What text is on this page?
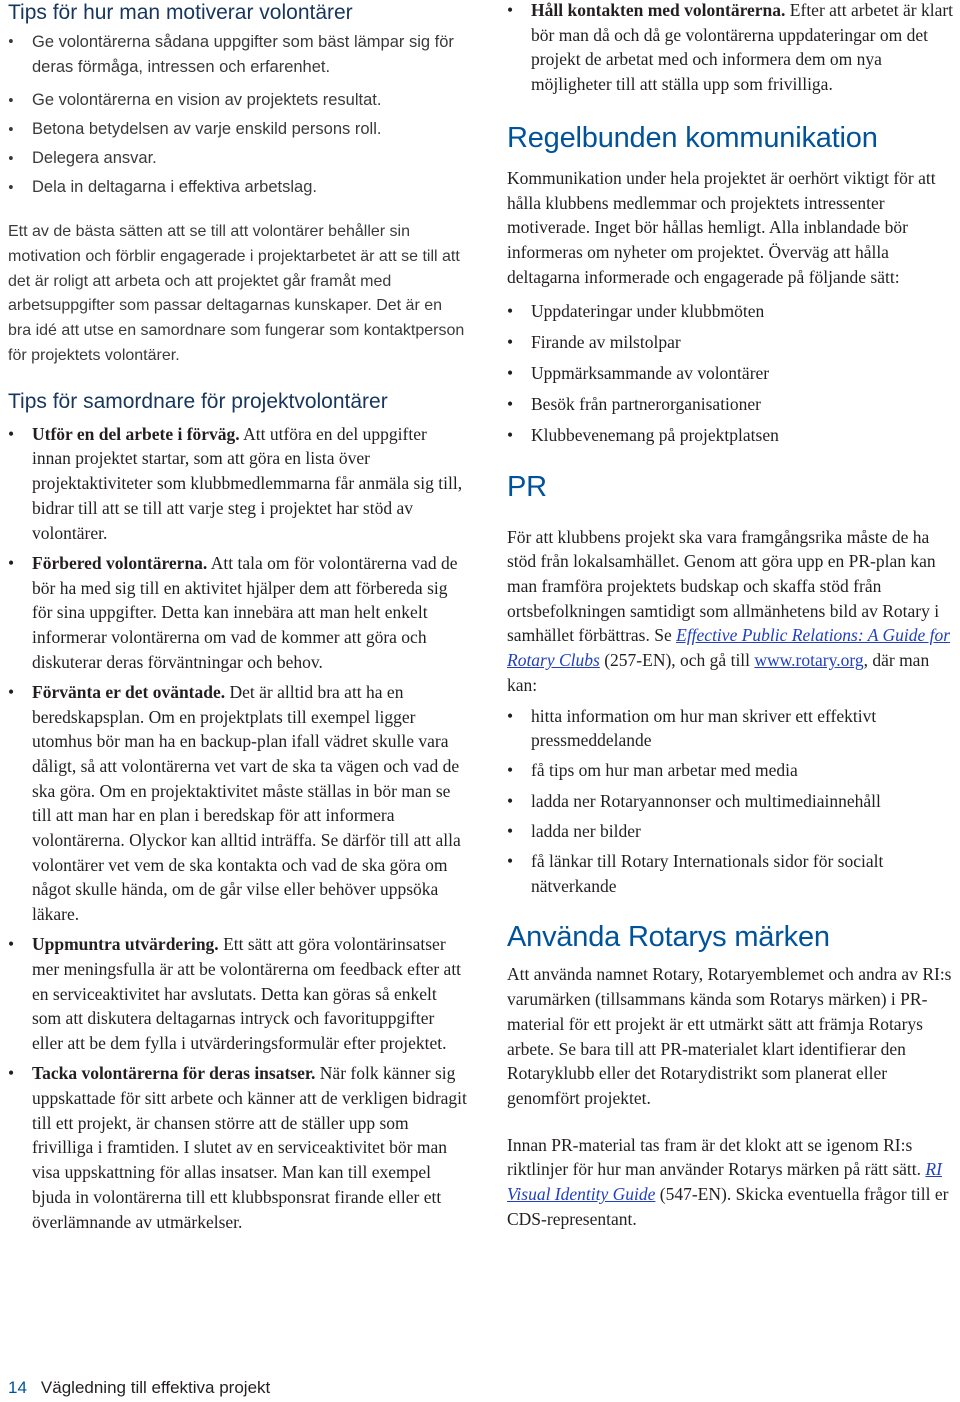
Tips för hur man motiverar volontärer
• Ge volontärerna sådana uppgifter som bäst lämpar sig för deras förmåga, intressen och erfarenhet.
• Ge volontärerna en vision av projektets resultat.
• Betona betydelsen av varje enskild persons roll.
• Delegera ansvar.
• Dela in deltagarna i effektiva arbetslag.

Ett av de bästa sätten att se till att volontärer behåller sin motivation och förblir engagerade i projektarbetet är att se till att det är roligt att arbeta och att projektet går framåt med arbetsuppgifter som passar deltagarnas kunskaper. Det är en bra idé att utse en samordnare som fungerar som kontaktperson för projektets volontärer.

Tips för samordnare för projektvolontärer
• Utför en del arbete i förväg. Att utföra en del uppgifter innan projektet startar, som att göra en lista över projektaktiviteter som klubbmedlemmarna får anmäla sig till, bidrar till att se till att varje steg i projektet har stöd av volontärer.
• Förbered volontärerna. Att tala om för volontärerna vad de bör ha med sig till en aktivitet hjälper dem att förbereda sig för sina uppgifter. Detta kan innebära att man helt enkelt informerar volontärerna om vad de kommer att göra och diskuterar deras förväntningar och behov.
• Förvänta er det oväntade. Det är alltid bra att ha en beredskapsplan. Om en projektplats till exempel ligger utomhus bör man ha en backup-plan ifall vädret skulle vara dåligt, så att volontärerna vet vart de ska ta vägen och vad de ska göra. Om en projektaktivitet måste ställas in bör man se till att man har en plan i beredskap för att informera volontärerna. Olyckor kan alltid inträffa. Se därför till att alla volontärer vet vem de ska kontakta och vad de ska göra om något skulle hända, om de går vilse eller behöver uppsöka läkare.
• Uppmuntra utvärdering. Ett sätt att göra volontärinsatser mer meningsfulla är att be volontärerna om feedback efter att en serviceaktivitet har avslutats. Detta kan göras så enkelt som att diskutera deltagarnas intryck och favorituppgifter eller att be dem fylla i utvärderingsformulär efter projektet.
• Tacka volontärerna för deras insatser. När folk känner sig uppskattade för sitt arbete och känner att de verkligen bidragit till ett projekt, är chansen större att de ställer upp som frivilliga i framtiden. I slutet av en serviceaktivitet bör man visa uppskattning för allas insatser. Man kan till exempel bjuda in volontärerna till ett klubbsponsrat firande eller ett överlämnande av utmärkelser.
• Håll kontakten med volontärerna. Efter att arbetet är klart bör man då och då ge volontärerna uppdateringar om det projekt de arbetat med och informera dem om nya möjligheter till att ställa upp som frivilliga.
Regelbunden kommunikation

Kommunikation under hela projektet är oerhört viktigt för att hålla klubbens medlemmar och projektets intressenter motiverade. Inget bör hållas hemligt. Alla inblandade bör informeras om nyheter om projektet. Överväg att hålla deltagarna informerade och engagerade på följande sätt:

• Uppdateringar under klubbmöten
• Firande av milstolpar
• Uppmärksammande av volontärer
• Besök från partnerorganisationer
• Klubbevenemang på projektplatsen
PR

För att klubbens projekt ska vara framgångsrika måste de ha stöd från lokalsamhället. Genom att göra upp en PR-plan kan man framföra projektets budskap och skaffa stöd från ortsbefolkningen samtidigt som allmänhetens bild av Rotary i samhället förbättras. Se Effective Public Relations: A Guide for Rotary Clubs (257-EN), och gå till www.rotary.org, där man kan:

• hitta information om hur man skriver ett effektivt pressmeddelande
• få tips om hur man arbetar med media
• ladda ner Rotaryannonser och multimediainnehåll
• ladda ner bilder
• få länkar till Rotary Internationals sidor för socialt nätverkande
Använda Rotarys märken

Att använda namnet Rotary, Rotaryemblemet och andra av RI:s varumärken (tillsammans kända som Rotarys märken) i PR-material för ett projekt är ett utmärkt sätt att främja Rotarys arbete. Se bara till att PR-materialet klart identifierar den Rotaryklubb eller det Rotarydistrikt som planerat eller genomfört projektet.

Innan PR-material tas fram är det klokt att se igenom RI:s riktlinjer för hur man använder Rotarys märken på rätt sätt. RI Visual Identity Guide (547-EN). Skicka eventuella frågor till er CDS-representant.

14 Vägledning till effektiva projekt
